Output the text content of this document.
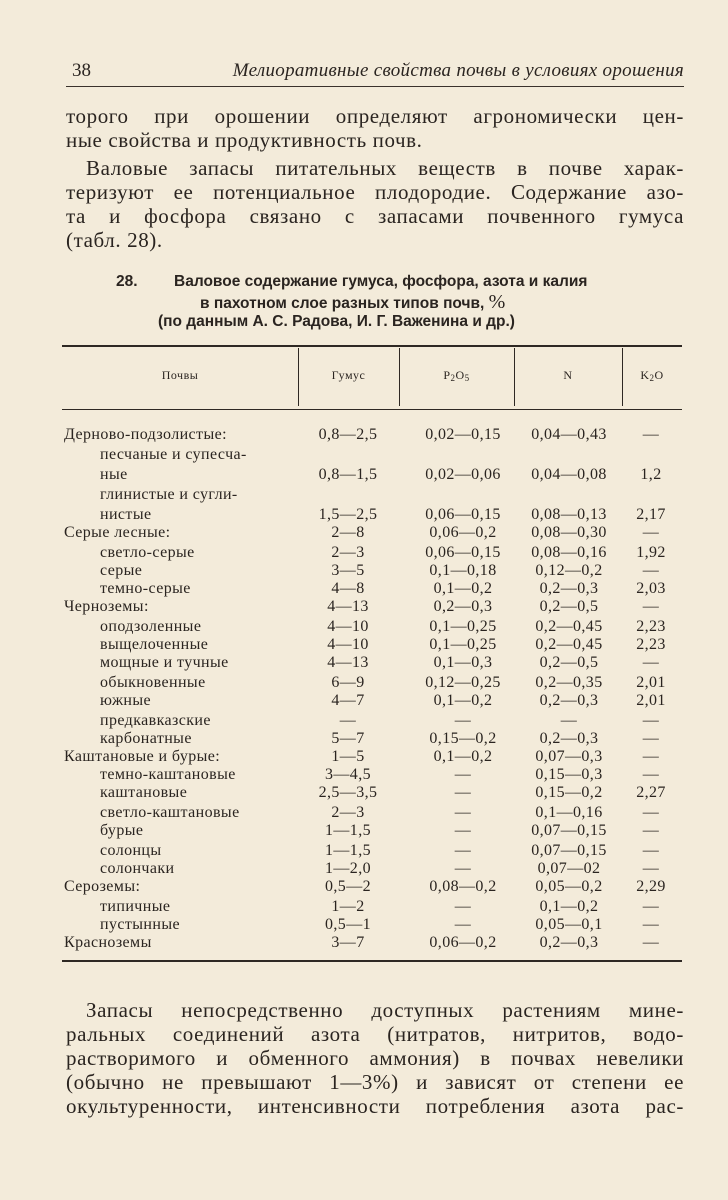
38	Мелиоративные свойства почвы в условиях орошения
торого при орошении определяют агрономически цен-
ные свойства и продуктивность почв.
Валовые запасы питательных веществ в почве харак-
теризуют ее потенциальное плодородие. Содержание азо-
та и фосфора связано с запасами почвенного гумуса
(табл. 28).
28. Валовое содержание гумуса, фосфора, азота и калия
в пахотном слое разных типов почв, %
(по данным А. С. Радова, И. Г. Важенина и др.)
Почвы	Гумус	P2O5	N	K2O
Дерново-подзолистые:	0,8—2,5	0,02—0,15	0,04—0,43	—
песчаные и супесча-
ные	0,8—1,5	0,02—0,06	0,04—0,08	1,2
глинистые и сугли-
нистые	1,5—2,5	0,06—0,15	0,08—0,13	2,17
Серые лесные:	2—8	0,06—0,2	0,08—0,30	—
светло-серые	2—3	0,06—0,15	0,08—0,16	1,92
серые	3—5	0,1—0,18	0,12—0,2	—
темно-серые	4—8	0,1—0,2	0,2—0,3	2,03
Черноземы:	4—13	0,2—0,3	0,2—0,5	—
оподзоленные	4—10	0,1—0,25	0,2—0,45	2,23
выщелоченные	4—10	0,1—0,25	0,2—0,45	2,23
мощные и тучные	4—13	0,1—0,3	0,2—0,5	—
обыкновенные	6—9	0,12—0,25	0,2—0,35	2,01
южные	4—7	0,1—0,2	0,2—0,3	2,01
предкавказские	—	—	—	—
карбонатные	5—7	0,15—0,2	0,2—0,3	—
Каштановые и бурые:	1—5	0,1—0,2	0,07—0,3	—
темно-каштановые	3—4,5	—	0,15—0,3	—
каштановые	2,5—3,5	—	0,15—0,2	2,27
светло-каштановые	2—3	—	0,1—0,16	—
бурые	1—1,5	—	0,07—0,15	—
солонцы	1—1,5	—	0,07—0,15	—
солончаки	1—2,0	—	0,07—02	—
Сероземы:	0,5—2	0,08—0,2	0,05—0,2	2,29
типичные	1—2	—	0,1—0,2	—
пустынные	0,5—1	—	0,05—0,1	—
Красноземы	3—7	0,06—0,2	0,2—0,3	—
Запасы непосредственно доступных растениям мине-
ральных соединений азота (нитратов, нитритов, водо-
растворимого и обменного аммония) в почвах невелики
(обычно не превышают 1—3%) и зависят от степени ее
окультуренности, интенсивности потребления азота рас-
